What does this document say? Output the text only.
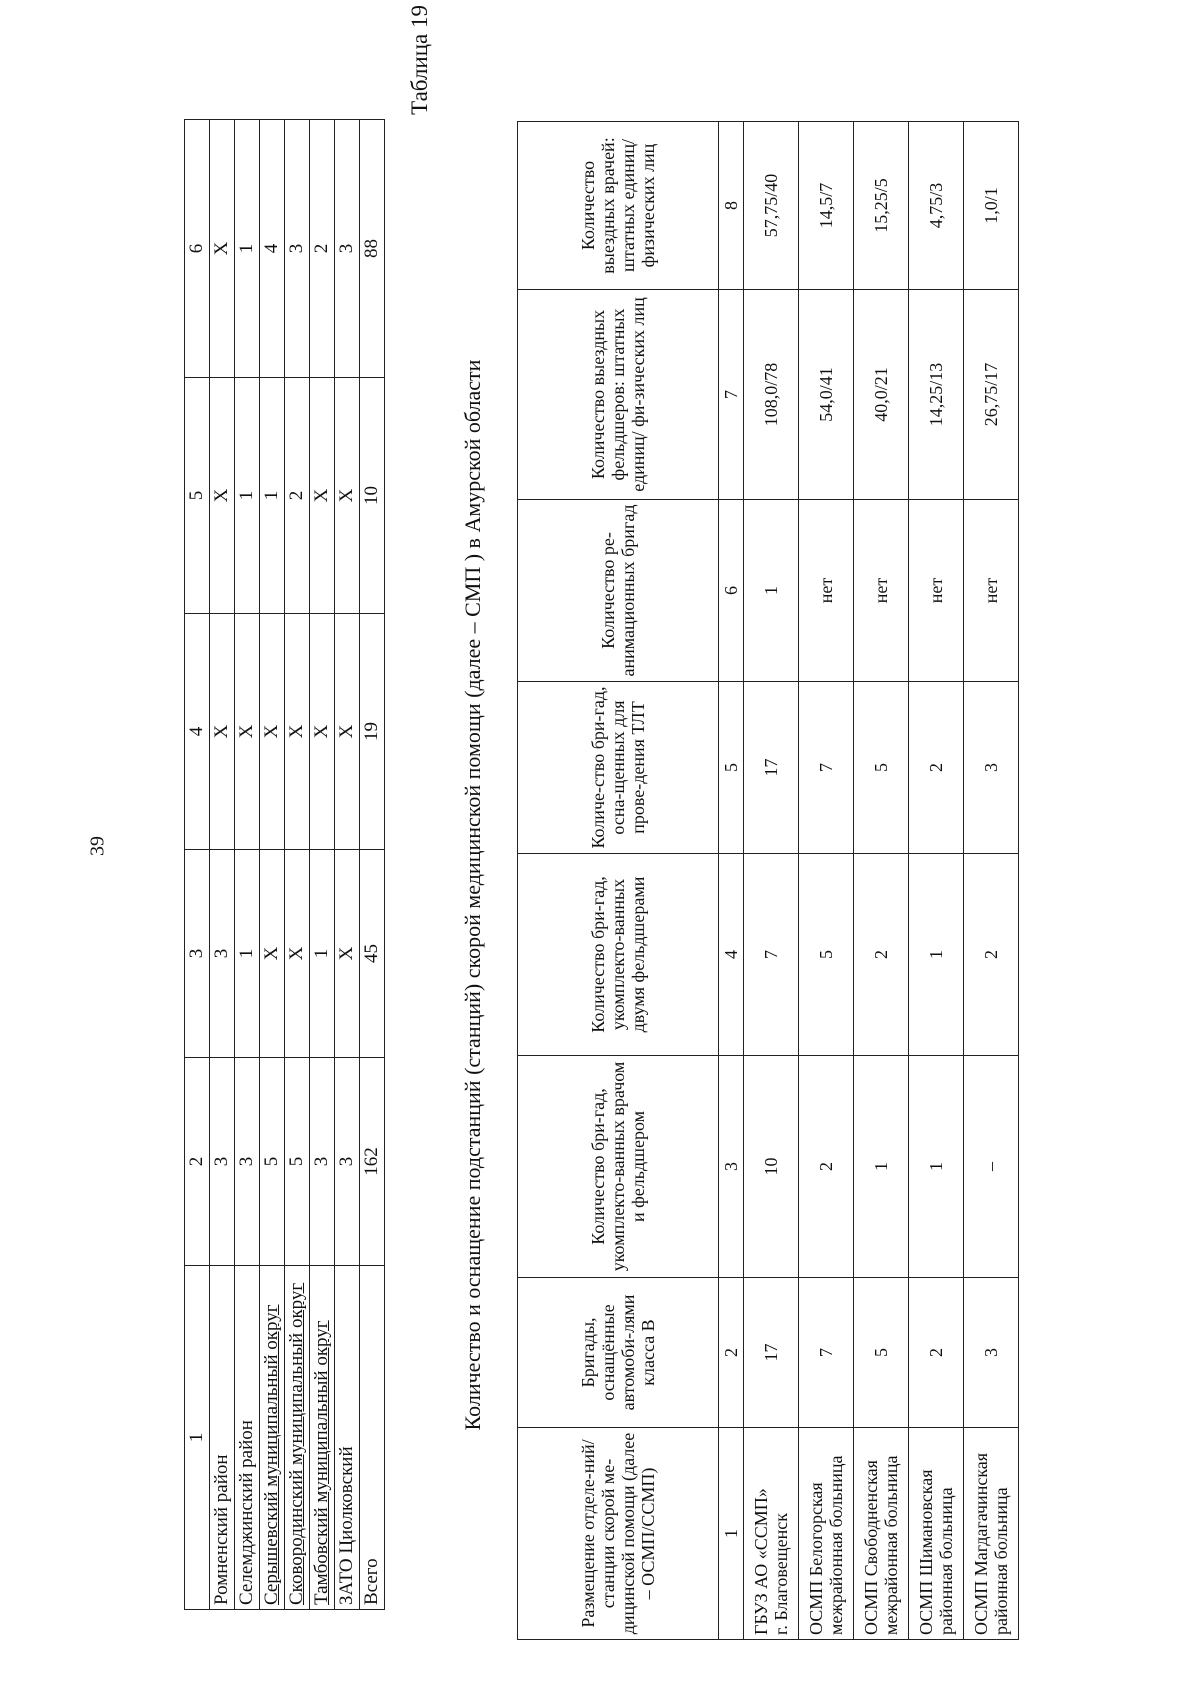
39
1	2	3	4	5	6
Ромненский район	3	3	X	X	X
Селемджинский район	3	1	X	1	1
Серышевский муниципальный округ	5	X	X	1	4
Сковородинский муниципальный округ	5	X	X	2	3
Тамбовский муниципальный округ	3	1	X	X	2
ЗАТО Циолковский	3	X	X	X	3
Всего	162	45	19	10	88
Таблица 19
Количество и оснащение подстанций (станций) скорой медицинской помощи (далее – СМП ) в Амурской области
Размещение отделе-ний/станции скорой ме-дицинской помощи (далее – ОСМП/ССМП)	Бригады, оснащённые автомоби-лями класса В	Количество бри-гад, укомплекто-ванных врачом и фельдшером	Количество бри-гад, укомплекто-ванных двумя фельдшерами	Количе-ство бри-гад, осна-щенных для прове-дения ТЛТ	Количество ре-анимационных бригад	Количество выездных фельдшеров: штатных единиц/ фи-зических лиц	Количество выездных врачей: штатных единиц/ физических лиц
1	2	3	4	5	6	7	8

ГБУЗ АО «ССМП» г. Благовещенск	17	10	7	17	1	108,0/78	57,75/40

ОСМП Белогорская межрайонная больница	7	2	5	7	нет	54,0/41	14,5/7

ОСМП Свободненская межрайонная больница	5	1	2	5	нет	40,0/21	15,25/5

ОСМП Шимановская районная больница	2	1	1	2	нет	14,25/13	4,75/3

ОСМП Магдагачинская районная больница	3	–	2	3	нет	26,75/17	1,0/1
